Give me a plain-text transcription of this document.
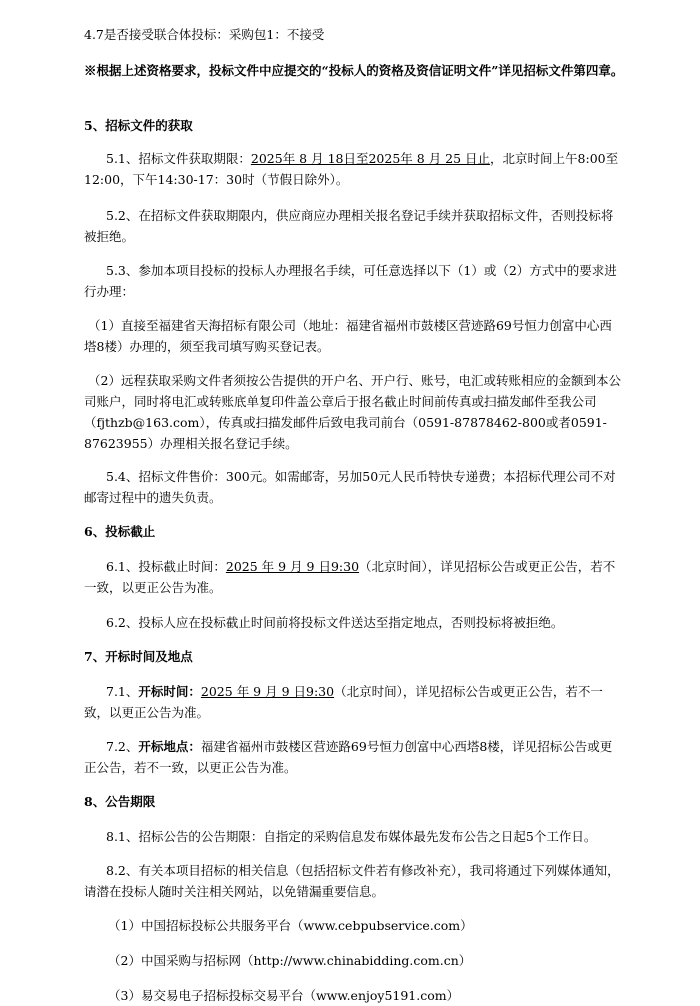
4.7是否接受联合体投标：采购包1：不接受

※根据上述资格要求，投标文件中应提交的“投标人的资格及资信证明文件”详见招标文件第四章。

5、招标文件的获取

5.1、招标文件获取期限：2025年 8 月 18日至2025年 8 月 25 日止，北京时间上午8:00至12:00，下午14:30-17：30时（节假日除外）。

5.2、在招标文件获取期限内，供应商应办理相关报名登记手续并获取招标文件，否则投标将被拒绝。

5.3、参加本项目投标的投标人办理报名手续，可任意选择以下（1）或（2）方式中的要求进行办理：

（1）直接至福建省天海招标有限公司（地址：福建省福州市鼓楼区营迹路69号恒力创富中心西塔8楼）办理的，须至我司填写购买登记表。

（2）远程获取采购文件者须按公告提供的开户名、开户行、账号，电汇或转账相应的金额到本公司账户，同时将电汇或转账底单复印件盖公章后于报名截止时间前传真或扫描发邮件至我公司（fjthzb@163.com），传真或扫描发邮件后致电我司前台（0591-87878462-800或者0591-87623955）办理相关报名登记手续。

5.4、招标文件售价：300元。如需邮寄，另加50元人民币特快专递费；本招标代理公司不对邮寄过程中的遗失负责。

6、投标截止

6.1、投标截止时间：2025 年 9 月 9 日9:30（北京时间），详见招标公告或更正公告，若不一致，以更正公告为准。

6.2、投标人应在投标截止时间前将投标文件送达至指定地点，否则投标将被拒绝。

7、开标时间及地点

7.1、开标时间：2025 年 9 月 9 日9:30（北京时间），详见招标公告或更正公告，若不一致，以更正公告为准。

7.2、开标地点：福建省福州市鼓楼区营迹路69号恒力创富中心西塔8楼，详见招标公告或更正公告，若不一致，以更正公告为准。

8、公告期限

8.1、招标公告的公告期限：自指定的采购信息发布媒体最先发布公告之日起5个工作日。

8.2、有关本项目招标的相关信息（包括招标文件若有修改补充），我司将通过下列媒体通知，请潜在投标人随时关注相关网站，以免错漏重要信息。

（1）中国招标投标公共服务平台（www.cebpubservice.com）

（2）中国采购与招标网（http://www.chinabidding.com.cn）

（3）易交易电子招标投标交易平台（www.enjoy5191.com）
